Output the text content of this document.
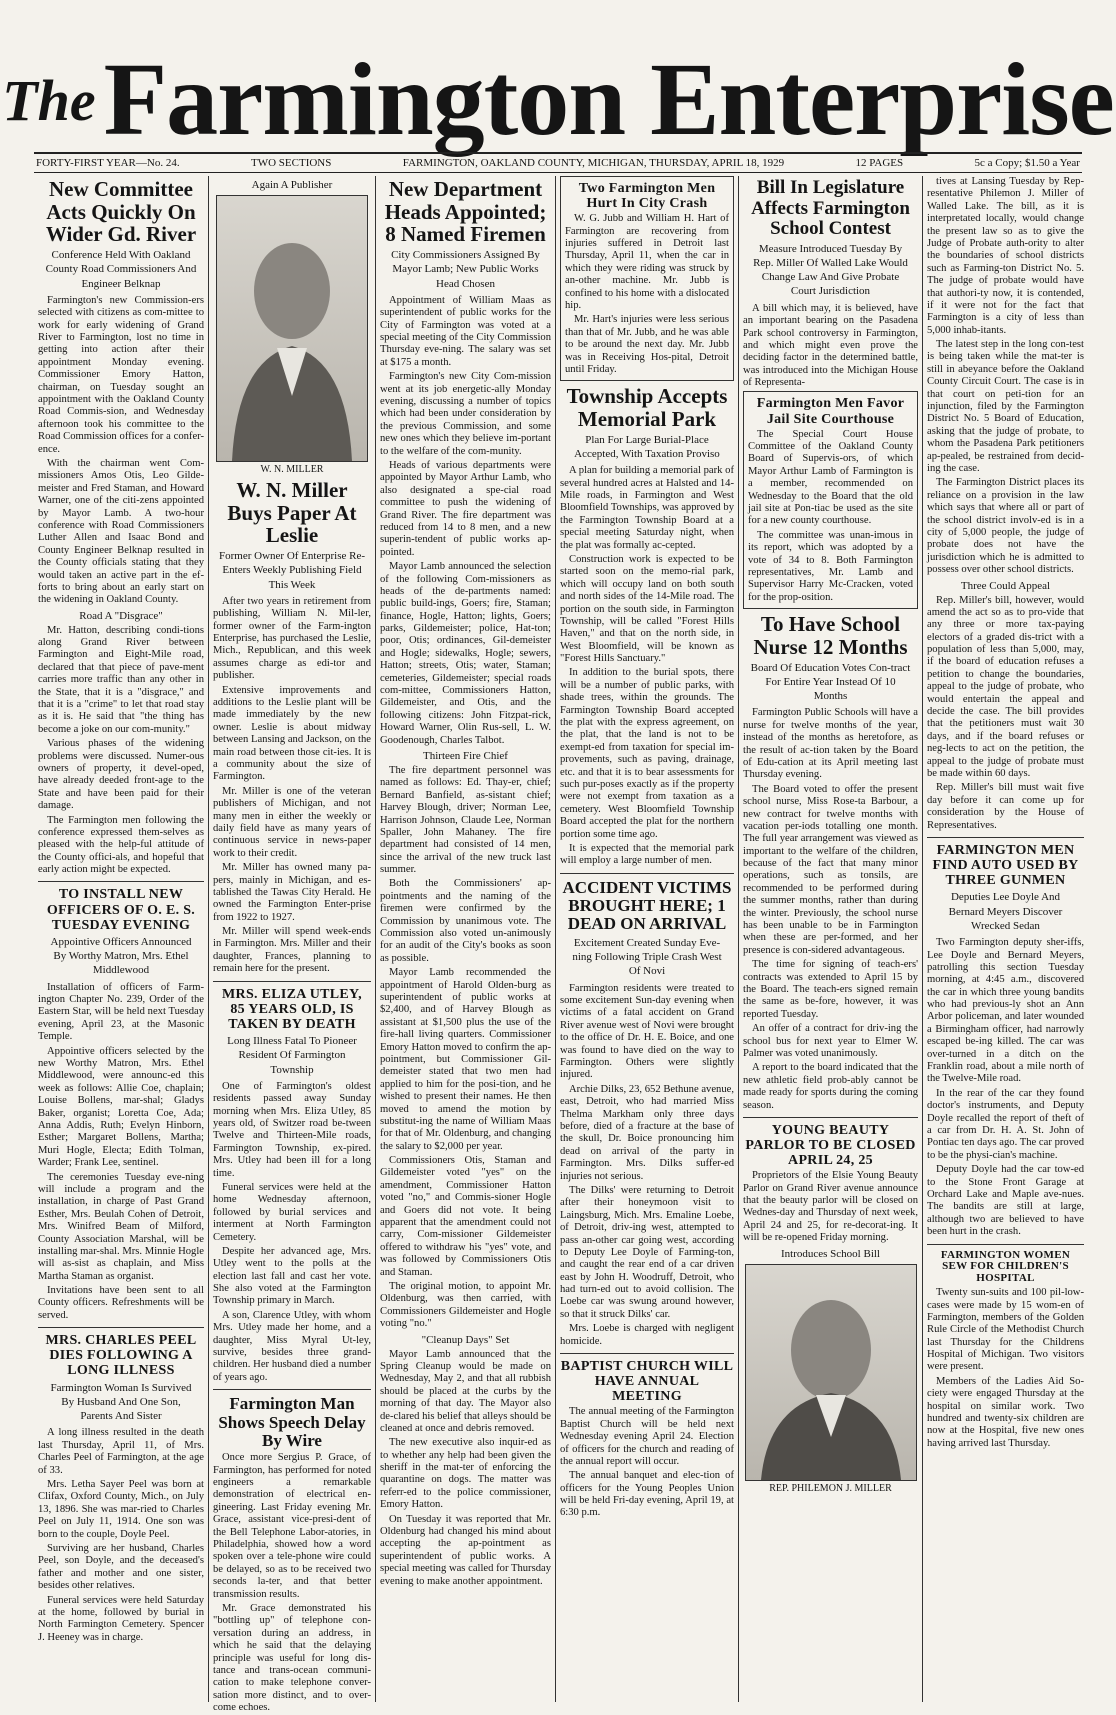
TheFarmington Enterprise
FORTY-FIRST YEAR—No. 24.	TWO SECTIONS	FARMINGTON, OAKLAND COUNTY, MICHIGAN, THURSDAY, APRIL 18, 1929	12 PAGES	5c a Copy; $1.50 a Year
New Committee Acts Quickly On Wider Gd. River
Conference Held With Oakland County Road Commissioners And Engineer Belknap

Farmington's new Commission-ers selected with citizens as com-mittee to work for early widening of Grand River to Farmington, lost no time in getting into action after their appointment Monday evening. Commissioner Emory Hatton, chairman, on Tuesday sought an appointment with the Oakland County Road Commis-sion, and Wednesday afternoon took his committee to the Road Commission offices for a confer-ence.

With the chairman went Com-missioners Amos Otis, Leo Gilde-meister and Fred Staman, and Howard Warner, one of the citi-zens appointed by Mayor Lamb. A two-hour conference with Road Commissioners Luther Allen and Isaac Bond and County Engineer Belknap resulted in the County officials stating that they would taken an active part in the ef-forts to bring about an early start on the widening in Oakland County.

Road A "Disgrace"

Mr. Hatton, describing condi-tions along Grand River between Farmington and Eight-Mile road, declared that that piece of pave-ment carries more traffic than any other in the State, that it is a "disgrace," and that it is a "crime" to let that road stay as it is. He said that "the thing has become a joke on our com-munity."

Various phases of the widening problems were discussed. Numer-ous owners of property, it devel-oped, have already deeded front-age to the State and have been paid for their damage.

The Farmington men following the conference expressed them-selves as pleased with the help-ful attitude of the County offici-als, and hopeful that early action might be expected.

TO INSTALL NEW OFFICERS OF O. E. S. TUESDAY EVENING
Appointive Officers Announced By Worthy Matron, Mrs. Ethel Middlewood

Installation of officers of Farm-ington Chapter No. 239, Order of the Eastern Star, will be held next Tuesday evening, April 23, at the Masonic Temple.

Appointive officers selected by the new Worthy Matron, Mrs. Ethel Middlewood, were announc-ed this week as follows: Allie Coe, chaplain; Louise Bollens, mar-shal; Gladys Baker, organist; Loretta Coe, Ada; Anna Addis, Ruth; Evelyn Hinborn, Esther; Margaret Bollens, Martha; Muri Hogle, Electa; Edith Tolman, Warder; Frank Lee, sentinel.

The ceremonies Tuesday eve-ning will include a program and the installation, in charge of Past Grand Esther, Mrs. Beulah Cohen of Detroit, Mrs. Winifred Beam of Milford, County Association Marshal, will be installing mar-shal. Mrs. Minnie Hogle will as-sist as chaplain, and Miss Martha Staman as organist.

Invitations have been sent to all County officers. Refreshments will be served.

MRS. CHARLES PEEL DIES FOLLOWING A LONG ILLNESS
Farmington Woman Is Survived By Husband And One Son, Parents And Sister

A long illness resulted in the death last Thursday, April 11, of Mrs. Charles Peel of Farmington, at the age of 33.

Mrs. Letha Sayer Peel was born at Clifax, Oxford County, Mich., on July 13, 1896. She was mar-ried to Charles Peel on July 11, 1914. One son was born to the couple, Doyle Peel.

Surviving are her husband, Charles Peel, son Doyle, and the deceased's father and mother and one sister, besides other relatives.

Funeral services were held Saturday at the home, followed by burial in North Farmington Cemetery. Spencer J. Heeney was in charge.

Again A Publisher
W. N. MILLER
W. N. Miller Buys Paper At Leslie
Former Owner Of Enterprise Re-Enters Weekly Publishing Field This Week

After two years in retirement from publishing, William N. Mil-ler, former owner of the Farm-ington Enterprise, has purchased the Leslie, Mich., Republican, and this week assumes charge as edi-tor and publisher.

Extensive improvements and additions to the Leslie plant will be made immediately by the new owner. Leslie is about midway between Lansing and Jackson, on the main road between those cit-ies. It is a community about the size of Farmington.

Mr. Miller is one of the veteran publishers of Michigan, and not many men in either the weekly or daily field have as many years of continuous service in news-paper work to their credit.

Mr. Miller has owned many pa-pers, mainly in Michigan, and es-tablished the Tawas City Herald. He owned the Farmington Enter-prise from 1922 to 1927.

Mr. Miller will spend week-ends in Farmington. Mrs. Miller and their daughter, Frances, planning to remain here for the present.

MRS. ELIZA UTLEY, 85 YEARS OLD, IS TAKEN BY DEATH
Long Illness Fatal To Pioneer Resident Of Farmington Township

One of Farmington's oldest residents passed away Sunday morning when Mrs. Eliza Utley, 85 years old, of Switzer road be-tween Twelve and Thirteen-Mile roads, Farmington Township, ex-pired. Mrs. Utley had been ill for a long time.

Funeral services were held at the home Wednesday afternoon, followed by burial services and interment at North Farmington Cemetery.

Despite her advanced age, Mrs. Utley went to the polls at the election last fall and cast her vote. She also voted at the Farmington Township primary in March.

A son, Clarence Utley, with whom Mrs. Utley made her home, and a daughter, Miss Myral Ut-ley, survive, besides three grand-children. Her husband died a number of years ago.

Farmington Man Shows Speech Delay By Wire

Once more Sergius P. Grace, of Farmington, has performed for noted engineers a remarkable demonstration of electrical en-gineering. Last Friday evening Mr. Grace, assistant vice-presi-dent of the Bell Telephone Labor-atories, in Philadelphia, showed how a word spoken over a tele-phone wire could be delayed, so as to be received two seconds la-ter, and that better transmission results.

Mr. Grace demonstrated his "bottling up" of telephone con-versation during an address, in which he said that the delaying principle was useful for long dis-tance and trans-ocean communi-cation to make telephone conver-sation more distinct, and to over-come echoes.

New Department Heads Appointed; 8 Named Firemen
City Commissioners Assigned By Mayor Lamb; New Public Works Head Chosen

Appointment of William Maas as superintendent of public works for the City of Farmington was voted at a special meeting of the City Commission Thursday eve-ning. The salary was set at $175 a month.

Farmington's new City Com-mission went at its job energetic-ally Monday evening, discussing a number of topics which had been under consideration by the previous Commission, and some new ones which they believe im-portant to the welfare of the com-munity.

Heads of various departments were appointed by Mayor Arthur Lamb, who also designated a spe-cial road committee to push the widening of Grand River. The fire department was reduced from 14 to 8 men, and a new superin-tendent of public works ap-pointed.

Mayor Lamb announced the selection of the following Com-missioners as heads of the de-partments named: public build-ings, Goers; fire, Staman; finance, Hogle, Hatton; lights, Goers; parks, Gildemeister; police, Hat-ton; poor, Otis; ordinances, Gil-demeister and Hogle; sidewalks, Hogle; sewers, Hatton; streets, Otis; water, Staman; cemeteries, Gildemeister; special roads com-mittee, Commissioners Hatton, Gildemeister, and Otis, and the following citizens: John Fitzpat-rick, Howard Warner, Olin Rus-sell, L. W. Goodenough, Charles Talbot.

Thirteen Fire Chief

The fire department personnel was named as follows: Ed. Thay-er, chief; Bernard Banfield, as-sistant chief; Harvey Blough, driver; Norman Lee, Harrison Johnson, Claude Lee, Norman Spaller, John Mahaney. The fire department had consisted of 14 men, since the arrival of the new truck last summer.

Both the Commissioners' ap-pointments and the naming of the firemen were confirmed by the Commission by unanimous vote. The Commission also voted un-animously for an audit of the City's books as soon as possible.

Mayor Lamb recommended the appointment of Harold Olden-burg as superintendent of public works at $2,400, and of Harvey Blough as assistant at $1,500 plus the use of the fire-hall living quarters. Commissioner Emory Hatton moved to confirm the ap-pointment, but Commissioner Gil-demeister stated that two men had applied to him for the posi-tion, and he wished to present their names. He then moved to amend the motion by substitut-ing the name of William Maas for that of Mr. Oldenburg, and changing the salary to $2,000 per year.

Commissioners Otis, Staman and Gildemeister voted "yes" on the amendment, Commissioner Hatton voted "no," and Commis-sioner Hogle and Goers did not vote. It being apparent that the amendment could not carry, Com-missioner Gildemeister offered to withdraw his "yes" vote, and was followed by Commissioners Otis and Staman.

The original motion, to appoint Mr. Oldenburg, was then carried, with Commissioners Gildemeister and Hogle voting "no."

"Cleanup Days" Set

Mayor Lamb announced that the Spring Cleanup would be made on Wednesday, May 2, and that all rubbish should be placed at the curbs by the morning of that day. The Mayor also de-clared his belief that alleys should be cleaned at once and debris removed.

The new executive also inquir-ed as to whether any help had been given the sheriff in the mat-ter of enforcing the quarantine on dogs. The matter was referr-ed to the police commissioner, Emory Hatton.

On Tuesday it was reported that Mr. Oldenburg had changed his mind about accepting the ap-pointment as superintendent of public works. A special meeting was called for Thursday evening to make another appointment.

Two Farmington Men Hurt In City Crash

W. G. Jubb and William H. Hart of Farmington are recovering from injuries suffered in Detroit last Thursday, April 11, when the car in which they were riding was struck by an-other machine. Mr. Jubb is confined to his home with a dislocated hip.

Mr. Hart's injuries were less serious than that of Mr. Jubb, and he was able to be around the next day. Mr. Jubb was in Receiving Hos-pital, Detroit until Friday.

Township Accepts Memorial Park
Plan For Large Burial-Place Accepted, With Taxation Proviso

A plan for building a memorial park of several hundred acres at Halsted and 14-Mile roads, in Farmington and West Bloomfield Townships, was approved by the Farmington Township Board at a special meeting Saturday night, when the plat was formally ac-cepted.

Construction work is expected to be started soon on the memo-rial park, which will occupy land on both south and north sides of the 14-Mile road. The portion on the south side, in Farmington Township, will be called "Forest Hills Haven," and that on the north side, in West Bloomfield, will be known as "Forest Hills Sanctuary."

In addition to the burial spots, there will be a number of public parks, with shade trees, within the grounds. The Farmington Township Board accepted the plat with the express agreement, on the plat, that the land is not to be exempt-ed from taxation for special im-provements, such as paving, drainage, etc. and that it is to bear assessments for such pur-poses exactly as if the property were not exempt from taxation as a cemetery. West Bloomfield Township Board accepted the plat for the northern portion some time ago.

It is expected that the memorial park will employ a large number of men.

ACCIDENT VICTIMS BROUGHT HERE; 1 DEAD ON ARRIVAL
Excitement Created Sunday Eve-ning Following Triple Crash West Of Novi

Farmington residents were treated to some excitement Sun-day evening when victims of a fatal accident on Grand River avenue west of Novi were brought to the office of Dr. H. E. Boice, and one was found to have died on the way to Farmington. Others were slightly injured.

Archie Dilks, 23, 652 Bethune avenue, east, Detroit, who had married Miss Thelma Markham only three days before, died of a fracture at the base of the skull, Dr. Boice pronouncing him dead on arrival of the party in Farmington. Mrs. Dilks suffer-ed injuries not serious.

The Dilks' were returning to Detroit after their honeymoon visit to Laingsburg, Mich. Mrs. Emaline Loebe, of Detroit, driv-ing west, attempted to pass an-other car going west, according to Deputy Lee Doyle of Farming-ton, and caught the rear end of a car driven east by John H. Woodruff, Detroit, who had turn-ed out to avoid collision. The Loebe car was swung around however, so that it struck Dilks' car.

Mrs. Loebe is charged with negligent homicide.

BAPTIST CHURCH WILL HAVE ANNUAL MEETING

The annual meeting of the Farmington Baptist Church will be held next Wednesday evening April 24. Election of officers for the church and reading of the annual report will occur.

The annual banquet and elec-tion of officers for the Young Peoples Union will be held Fri-day evening, April 19, at 6:30 p.m.

Bill In Legislature Affects Farmington School Contest
Measure Introduced Tuesday By Rep. Miller Of Walled Lake Would Change Law And Give Probate Court Jurisdiction

A bill which may, it is believed, have an important bearing on the Pasadena Park school controversy in Farmington, and which might even prove the deciding factor in the determined battle, was introduced into the Michigan House of Representa-

Farmington Men Favor Jail Site Courthouse

The Special Court House Committee of the Oakland County Board of Supervis-ors, of which Mayor Arthur Lamb of Farmington is a member, recommended on Wednesday to the Board that the old jail site at Pon-tiac be used as the site for a new county courthouse.

The committee was unan-imous in its report, which was adopted by a vote of 34 to 8. Both Farmington representatives, Mr. Lamb and Supervisor Harry Mc-Cracken, voted for the prop-osition.

To Have School Nurse 12 Months
Board Of Education Votes Con-tract For Entire Year Instead Of 10 Months

Farmington Public Schools will have a nurse for twelve months of the year, instead of the months as heretofore, as the result of ac-tion taken by the Board of Edu-cation at its April meeting last Thursday evening.

The Board voted to offer the present school nurse, Miss Rose-ta Barbour, a new contract for twelve months with vacation per-iods totalling one month. The full year arrangement was viewed as important to the welfare of the children, because of the fact that many minor operations, such as tonsils, are recommended to be performed during the summer months, rather than during the winter. Previously, the school nurse has been unable to be in Farmington when these are per-formed, and her presence is con-sidered advantageous.

The time for signing of teach-ers' contracts was extended to April 15 by the Board. The teach-ers signed remain the same as be-fore, however, it was reported Tuesday.

An offer of a contract for driv-ing the school bus for next year to Elmer W. Palmer was voted unanimously.

A report to the board indicated that the new athletic field prob-ably cannot be made ready for sports during the coming season.

YOUNG BEAUTY PARLOR TO BE CLOSED APRIL 24, 25

Proprietors of the Elsie Young Beauty Parlor on Grand River avenue announce that the beauty parlor will be closed on Wednes-day and Thursday of next week, April 24 and 25, for re-decorat-ing. It will be re-opened Friday morning.

Introduces School Bill
REP. PHILEMON J. MILLER

tives at Lansing Tuesday by Rep-resentative Philemon J. Miller of Walled Lake. The bill, as it is interpretated locally, would change the present law so as to give the Judge of Probate auth-ority to alter the boundaries of school districts such as Farming-ton District No. 5. The judge of probate would have that authori-ty now, it is contended, if it were not for the fact that Farmington is a city of less than 5,000 inhab-itants.

The latest step in the long con-test is being taken while the mat-ter is still in abeyance before the Oakland County Circuit Court. The case is in that court on peti-tion for an injunction, filed by the Farmington District No. 5 Board of Education, asking that the judge of probate, to whom the Pasadena Park petitioners ap-pealed, be restrained from decid-ing the case.

The Farmington District places its reliance on a provision in the law which says that where all or part of the school district involv-ed is in a city of 5,000 people, the judge of probate does not have the jurisdiction which he is admitted to possess over other school districts.

Three Could Appeal

Rep. Miller's bill, however, would amend the act so as to pro-vide that any three or more tax-paying electors of a graded dis-trict with a population of less than 5,000, may, if the board of education refuses a petition to change the boundaries, appeal to the judge of probate, who would entertain the appeal and decide the case. The bill provides that the petitioners must wait 30 days, and if the board refuses or neg-lects to act on the petition, the appeal to the judge of probate must be made within 60 days.

Rep. Miller's bill must wait five day before it can come up for consideration by the House of Representatives.

FARMINGTON MEN FIND AUTO USED BY THREE GUNMEN
Deputies Lee Doyle And Bernard Meyers Discover Wrecked Sedan

Two Farmington deputy sher-iffs, Lee Doyle and Bernard Meyers, patrolling this section Tuesday morning, at 4:45 a.m., discovered the car in which three young bandits who had previous-ly shot an Ann Arbor policeman, and later wounded a Birmingham officer, had narrowly escaped be-ing killed. The car was over-turned in a ditch on the Franklin road, about a mile north of the Twelve-Mile road.

In the rear of the car they found doctor's instruments, and Deputy Doyle recalled the report of theft of a car from Dr. H. A. St. John of Pontiac ten days ago. The car proved to be the physi-cian's machine.

Deputy Doyle had the car tow-ed to the Stone Front Garage at Orchard Lake and Maple ave-nues. The bandits are still at large, although two are believed to have been hurt in the crash.

FARMINGTON WOMEN SEW FOR CHILDREN'S HOSPITAL

Twenty sun-suits and 100 pil-low-cases were made by 15 wom-en of Farmington, members of the Golden Rule Circle of the Methodist Church last Thursday for the Childrens Hospital of Michigan. Two visitors were present.

Members of the Ladies Aid So-ciety were engaged Thursday at the hospital on similar work. Two hundred and twenty-six children are now at the Hospital, five new ones having arrived last Thursday.
